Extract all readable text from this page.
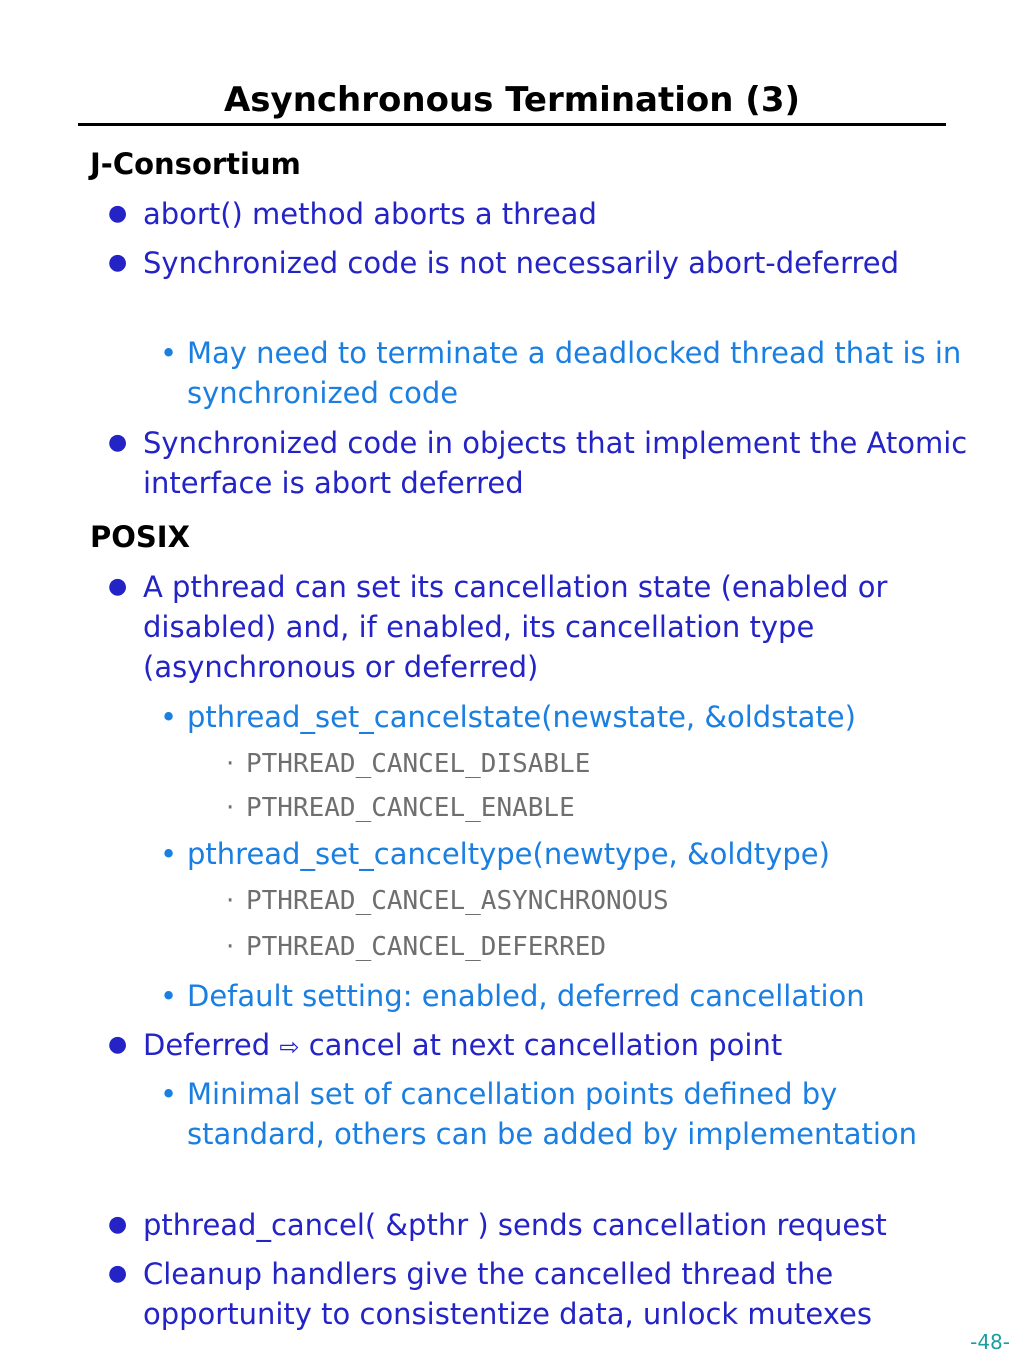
Asynchronous Termination (3)
J-Consortium
● abort() method aborts a thread
● Synchronized code is not necessarily abort-deferred
• May need to terminate a deadlocked thread that is in synchronized code
● Synchronized code in objects that implement the Atomic interface is abort deferred
POSIX
● A pthread can set its cancellation state (enabled or disabled) and, if enabled, its cancellation type (asynchronous or deferred)
• pthread_set_cancelstate(newstate, &oldstate)
· PTHREAD_CANCEL_DISABLE
· PTHREAD_CANCEL_ENABLE
• pthread_set_canceltype(newtype, &oldtype)
· PTHREAD_CANCEL_ASYNCHRONOUS
· PTHREAD_CANCEL_DEFERRED
• Default setting: enabled, deferred cancellation
● Deferred ⇨ cancel at next cancellation point
• Minimal set of cancellation points defined by standard, others can be added by implementation
● pthread_cancel( &pthr ) sends cancellation request
● Cleanup handlers give the cancelled thread the opportunity to consistentize data, unlock mutexes
-48-
